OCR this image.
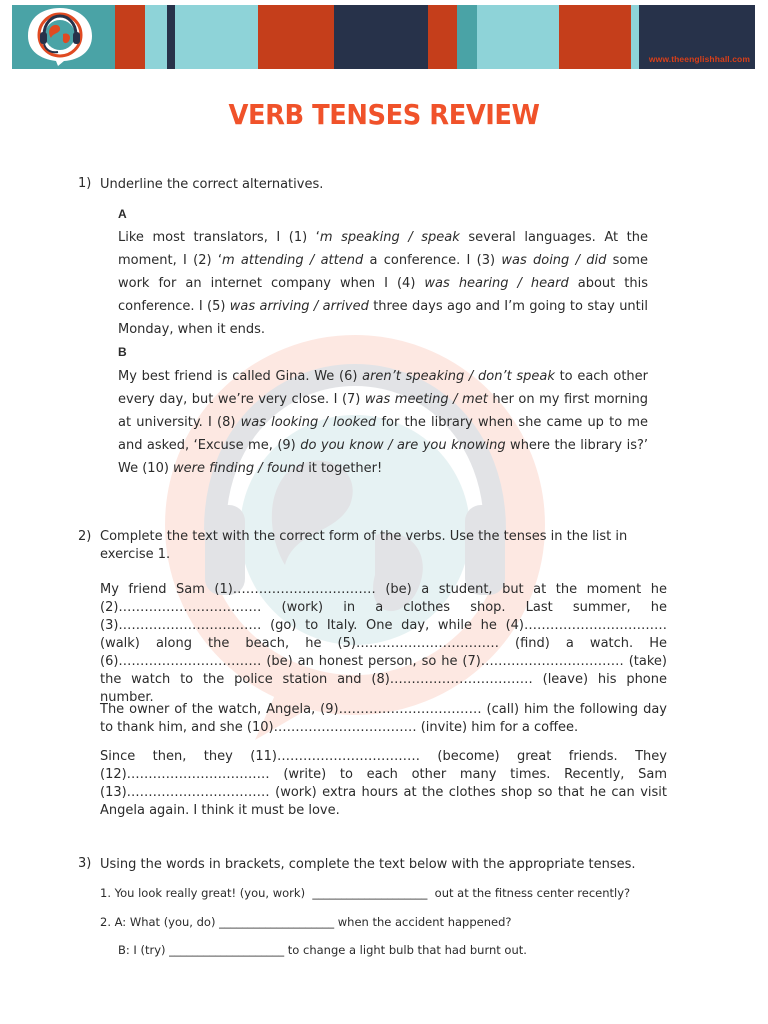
www.theenglishhall.com
VERB TENSES REVIEW
1) Underline the correct alternatives.
A
Like most translators, I (1) ‘m speaking / speak several languages. At the moment, I (2) ‘m attending / attend a conference. I (3) was doing / did some work for an internet company when I (4) was hearing / heard about this conference. I (5) was arriving / arrived three days ago and I’m going to stay until Monday, when it ends.
B
My best friend is called Gina. We (6) aren’t speaking / don’t speak to each other every day, but we’re very close. I (7) was meeting / met her on my first morning at university. I (8) was looking / looked for the library when she came up to me and asked, ‘Excuse me, (9) do you know / are you knowing where the library is?’ We (10) were finding / found it together!
2) Complete the text with the correct form of the verbs. Use the tenses in the list in exercise 1.
My friend Sam (1)…………………………… (be) a student, but at the moment he (2)…………………………… (work) in a clothes shop. Last summer, he (3)…………………………… (go) to Italy. One day, while he (4)…………………………… (walk) along the beach, he (5)…………………………… (find) a watch. He (6)…………………………… (be) an honest person, so he (7)…………………………… (take) the watch to the police station and (8)…………………………… (leave) his phone number.
The owner of the watch, Angela, (9)…………………………… (call) him the following day to thank him, and she (10)…………………………… (invite) him for a coffee.
Since then, they (11)…………………………… (become) great friends. They (12)…………………………… (write) to each other many times. Recently, Sam (13)…………………………… (work) extra hours at the clothes shop so that he can visit Angela again. I think it must be love.
3) Using the words in brackets, complete the text below with the appropriate tenses.
1. You look really great! (you, work)  ____________________  out at the fitness center recently?
2. A: What (you, do) ____________________ when the accident happened?
B: I (try) ____________________ to change a light bulb that had burnt out.
